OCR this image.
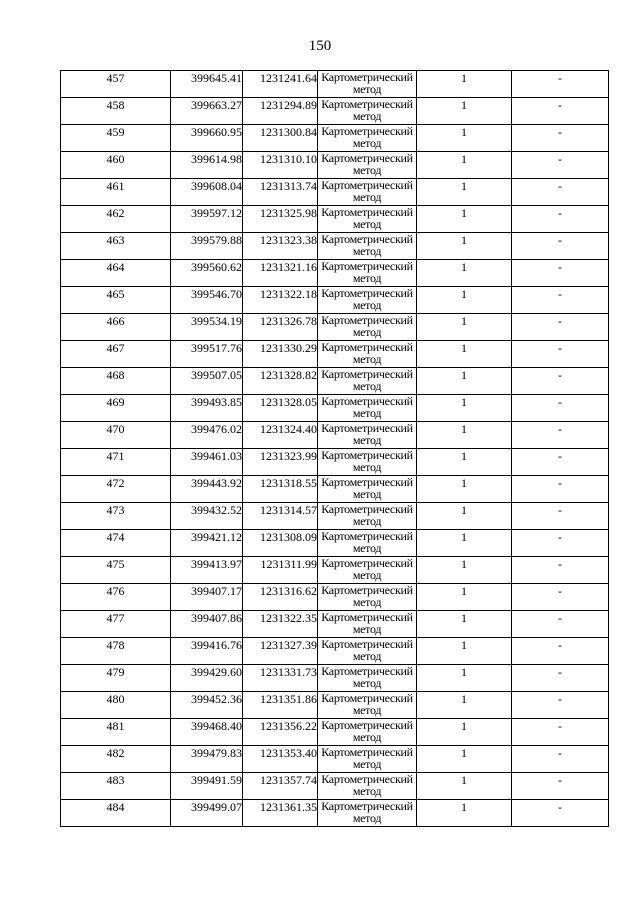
150
457	399645.41	1231241.64	Картометрический метод	1	-
458	399663.27	1231294.89	Картометрический метод	1	-
459	399660.95	1231300.84	Картометрический метод	1	-
460	399614.98	1231310.10	Картометрический метод	1	-
461	399608.04	1231313.74	Картометрический метод	1	-
462	399597.12	1231325.98	Картометрический метод	1	-
463	399579.88	1231323.38	Картометрический метод	1	-
464	399560.62	1231321.16	Картометрический метод	1	-
465	399546.70	1231322.18	Картометрический метод	1	-
466	399534.19	1231326.78	Картометрический метод	1	-
467	399517.76	1231330.29	Картометрический метод	1	-
468	399507.05	1231328.82	Картометрический метод	1	-
469	399493.85	1231328.05	Картометрический метод	1	-
470	399476.02	1231324.40	Картометрический метод	1	-
471	399461.03	1231323.99	Картометрический метод	1	-
472	399443.92	1231318.55	Картометрический метод	1	-
473	399432.52	1231314.57	Картометрический метод	1	-
474	399421.12	1231308.09	Картометрический метод	1	-
475	399413.97	1231311.99	Картометрический метод	1	-
476	399407.17	1231316.62	Картометрический метод	1	-
477	399407.86	1231322.35	Картометрический метод	1	-
478	399416.76	1231327.39	Картометрический метод	1	-
479	399429.60	1231331.73	Картометрический метод	1	-
480	399452.36	1231351.86	Картометрический метод	1	-
481	399468.40	1231356.22	Картометрический метод	1	-
482	399479.83	1231353.40	Картометрический метод	1	-
483	399491.59	1231357.74	Картометрический метод	1	-
484	399499.07	1231361.35	Картометрический метод	1	-
